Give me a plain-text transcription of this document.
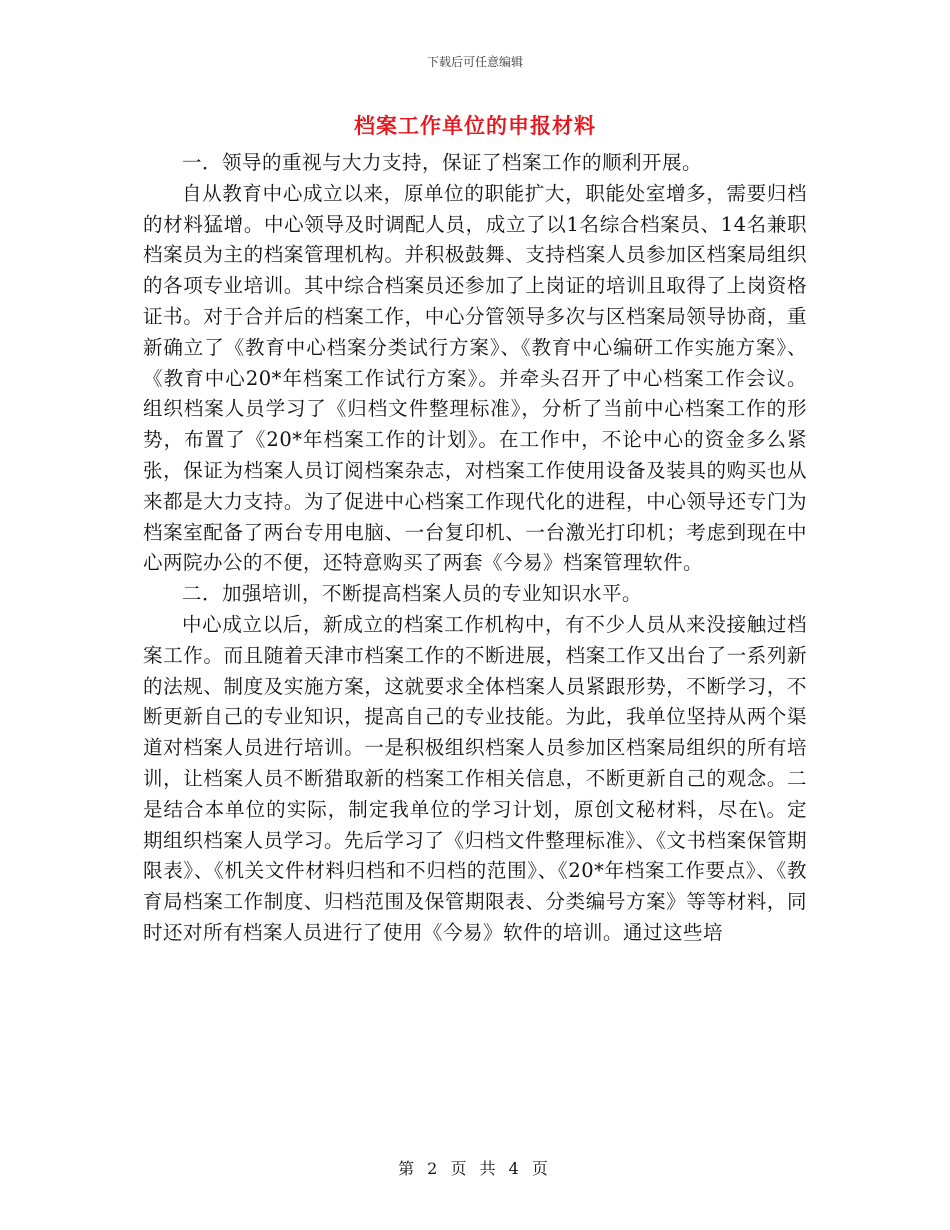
下载后可任意编辑
档案工作单位的申报材料

一．领导的重视与大力支持，保证了档案工作的顺利开展。

自从教育中心成立以来，原单位的职能扩大，职能处室增多，需要归档的材料猛增。中心领导及时调配人员，成立了以1名综合档案员、14名兼职档案员为主的档案管理机构。并积极鼓舞、支持档案人员参加区档案局组织的各项专业培训。其中综合档案员还参加了上岗证的培训且取得了上岗资格证书。对于合并后的档案工作，中心分管领导多次与区档案局领导协商，重新确立了《教育中心档案分类试行方案》、《教育中心编研工作实施方案》、《教育中心20*年档案工作试行方案》。并牵头召开了中心档案工作会议。组织档案人员学习了《归档文件整理标准》，分析了当前中心档案工作的形势，布置了《20*年档案工作的计划》。在工作中，不论中心的资金多么紧张，保证为档案人员订阅档案杂志，对档案工作使用设备及装具的购买也从来都是大力支持。为了促进中心档案工作现代化的进程，中心领导还专门为档案室配备了两台专用电脑、一台复印机、一台激光打印机；考虑到现在中心两院办公的不便，还特意购买了两套《今易》档案管理软件。

二．加强培训，不断提高档案人员的专业知识水平。

中心成立以后，新成立的档案工作机构中，有不少人员从来没接触过档案工作。而且随着天津市档案工作的不断进展，档案工作又出台了一系列新的法规、制度及实施方案，这就要求全体档案人员紧跟形势，不断学习，不断更新自己的专业知识，提高自己的专业技能。为此，我单位坚持从两个渠道对档案人员进行培训。一是积极组织档案人员参加区档案局组织的所有培训，让档案人员不断猎取新的档案工作相关信息，不断更新自己的观念。二是结合本单位的实际，制定我单位的学习计划，原创文秘材料，尽在\。定期组织档案人员学习。先后学习了《归档文件整理标准》、《文书档案保管期限表》、《机关文件材料归档和不归档的范围》、《20*年档案工作要点》、《教育局档案工作制度、归档范围及保管期限表、分类编号方案》等等材料，同时还对所有档案人员进行了使用《今易》软件的培训。通过这些培

第 2 页 共 4 页
